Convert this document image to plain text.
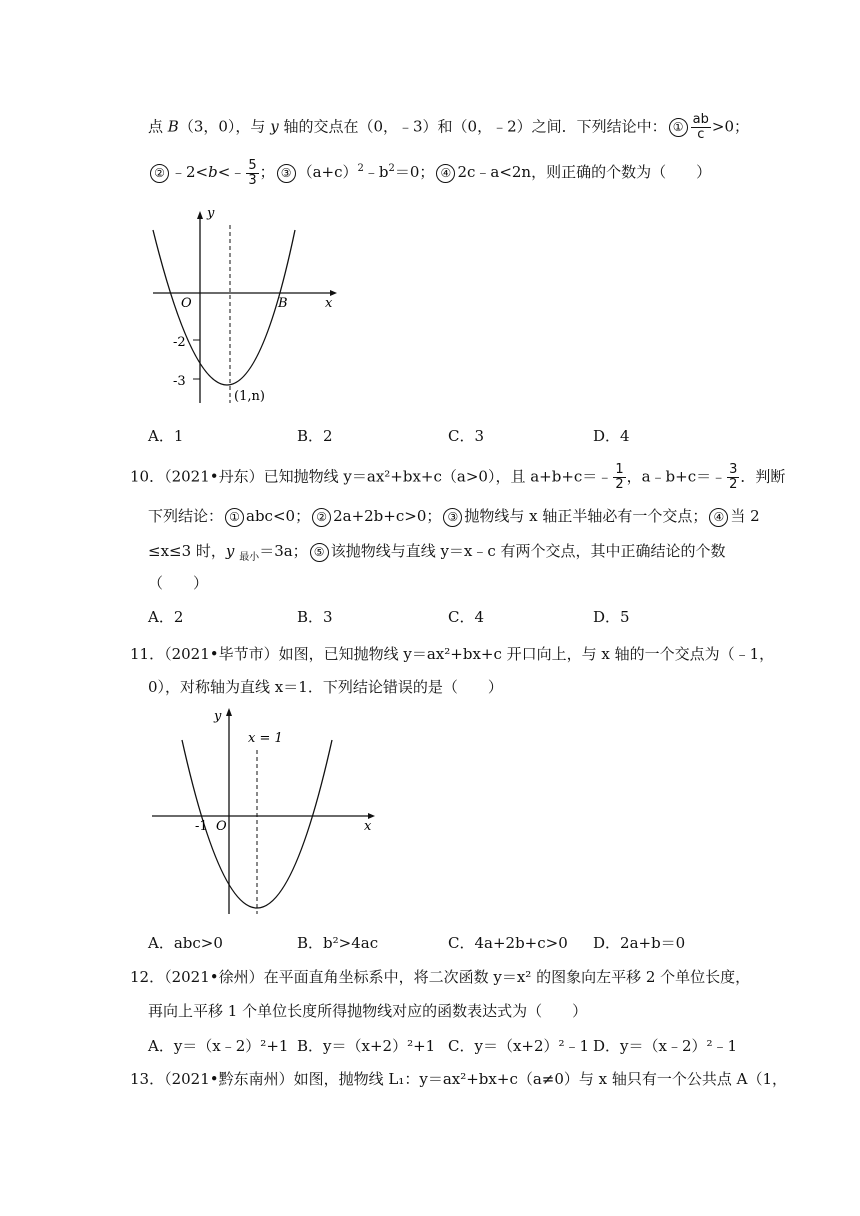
点 B（3，0），与 y 轴的交点在（0，﹣3）和（0，﹣2）之间．下列结论中： ① $\frac{ab}{c} >0$；
② ﹣2<b<﹣ $\frac{5}{3}$ ； ③ $(a+c)^2﹣b^2=0$； ④ 2c﹣a<2n，则正确的个数为（　　）
y
x
O	B
-2
-3
(1,n)
A．1	B．2	C．3	D．4
10．（2021•丹东）已知抛物线 y＝ax²+bx+c（a>0），且 a+b+c＝﹣ $\frac{1}{2}$ ，a﹣b+c＝﹣ $\frac{3}{2}$ ．判断
下列结论： ① abc<0； ② 2a+2b+c>0； ③ 抛物线与 x 轴正半轴必有一个交点； ④ 当 2
≤x≤3 时，y $_{最小}$＝3a； ⑤ 该抛物线与直线 y＝x﹣c 有两个交点，其中正确结论的个数
（　　）
A．2	B．3	C．4	D．5
11．（2021•毕节市）如图，已知抛物线 y＝ax²+bx+c 开口向上，与 x 轴的一个交点为（﹣1，
0），对称轴为直线 x＝1．下列结论错误的是（　　）
y
x
-1 O
x = 1
A．abc>0	B．b²>4ac	C．4a+2b+c>0 D．2a+b＝0
12．（2021•徐州）在平面直角坐标系中，将二次函数 y＝x² 的图象向左平移 2 个单位长度，
再向上平移 1 个单位长度所得抛物线对应的函数表达式为（　　）
A．y＝（x﹣2）²+1 B．y＝（x+2）²+1 C．y＝（x+2）²﹣1 D．y＝（x﹣2）²﹣1
13．（2021•黔东南州）如图，抛物线 L₁：y＝ax²+bx+c（a≠0）与 x 轴只有一个公共点 A（1，
